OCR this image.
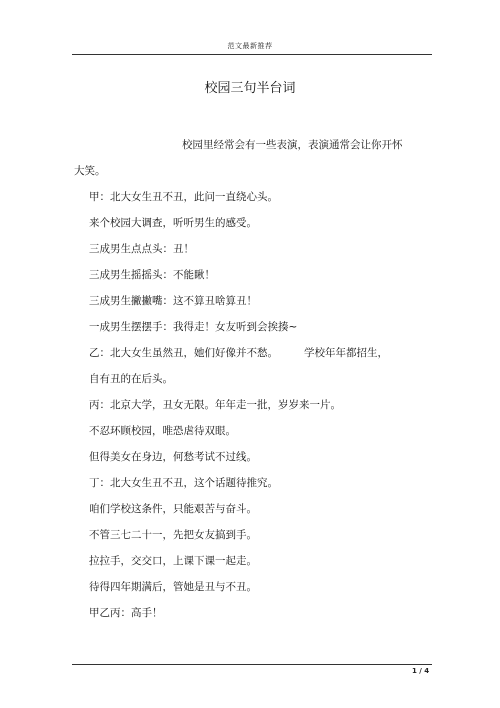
范文最新推荐
校园三句半台词
校园里经常会有一些表演，表演通常会让你开怀
大笑。
甲：北大女生丑不丑，此问一直绕心头。
来个校园大调查，听听男生的感受。
三成男生点点头：丑！
三成男生摇摇头：不能瞅！
三成男生撇撇嘴：这不算丑啥算丑！
一成男生摆摆手：我得走！女友听到会挨揍~
乙：北大女生虽然丑，她们好像并不愁。 学校年年都招生，
自有丑的在后头。
丙：北京大学，丑女无限。年年走一批，岁岁来一片。
不忍环顾校园，唯恐虐待双眼。
但得美女在身边，何愁考试不过线。
丁：北大女生丑不丑，这个话题待推究。
咱们学校这条件，只能艰苦与奋斗。
不管三七二十一，先把女友搞到手。
拉拉手，交交口，上课下课一起走。
待得四年期满后，管她是丑与不丑。
甲乙丙：高手！
1 / 4
